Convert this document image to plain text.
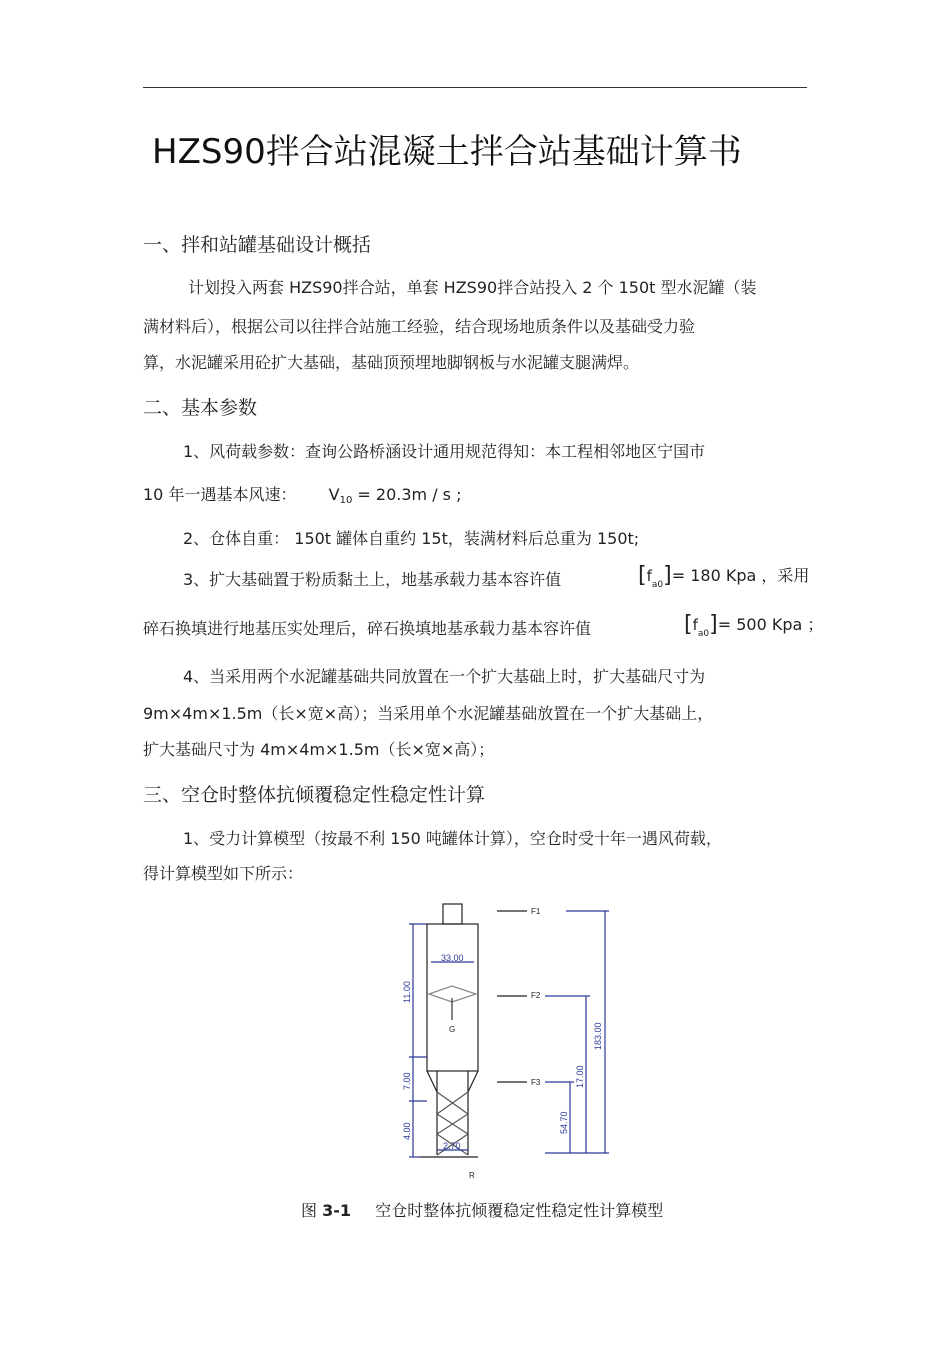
HZS90拌合站混凝土拌合站基础计算书
一、拌和站罐基础设计概括
计划投入两套 HZS90拌合站，单套 HZS90拌合站投入 2 个 150t 型水泥罐（装
满材料后），根据公司以往拌合站施工经验，结合现场地质条件以及基础受力验
算，水泥罐采用砼扩大基础，基础顶预埋地脚钢板与水泥罐支腿满焊。
二、基本参数
1、风荷载参数：查询公路桥涵设计通用规范得知：本工程相邻地区宁国市
10 年一遇基本风速： V10 = 20.3m / s ;
2、仓体自重： 150t 罐体自重约 15t，装满材料后总重为 150t;
3、扩大基础置于粉质黏土上，地基承载力基本容许值	$[f_{a0}]= 180$ Kpa ，采用
碎石换填进行地基压实处理后，碎石换填地基承载力基本容许值	$[f_{a0}]= 500$ Kpa ；
4、当采用两个水泥罐基础共同放置在一个扩大基础上时，扩大基础尺寸为
9m×4m×1.5m（长×宽×高）；当采用单个水泥罐基础放置在一个扩大基础上，
扩大基础尺寸为 4m×4m×1.5m（长×宽×高）；
三、空仓时整体抗倾覆稳定性稳定性计算
1、受力计算模型（按最不利 150 吨罐体计算），空仓时受十年一遇风荷载，
得计算模型如下所示：
F1
F2
F3
G
R
33.00
2.70
11.00
7.00
4.00
183.00
17.00
54.70
图 3-1 空仓时整体抗倾覆稳定性稳定性计算模型
